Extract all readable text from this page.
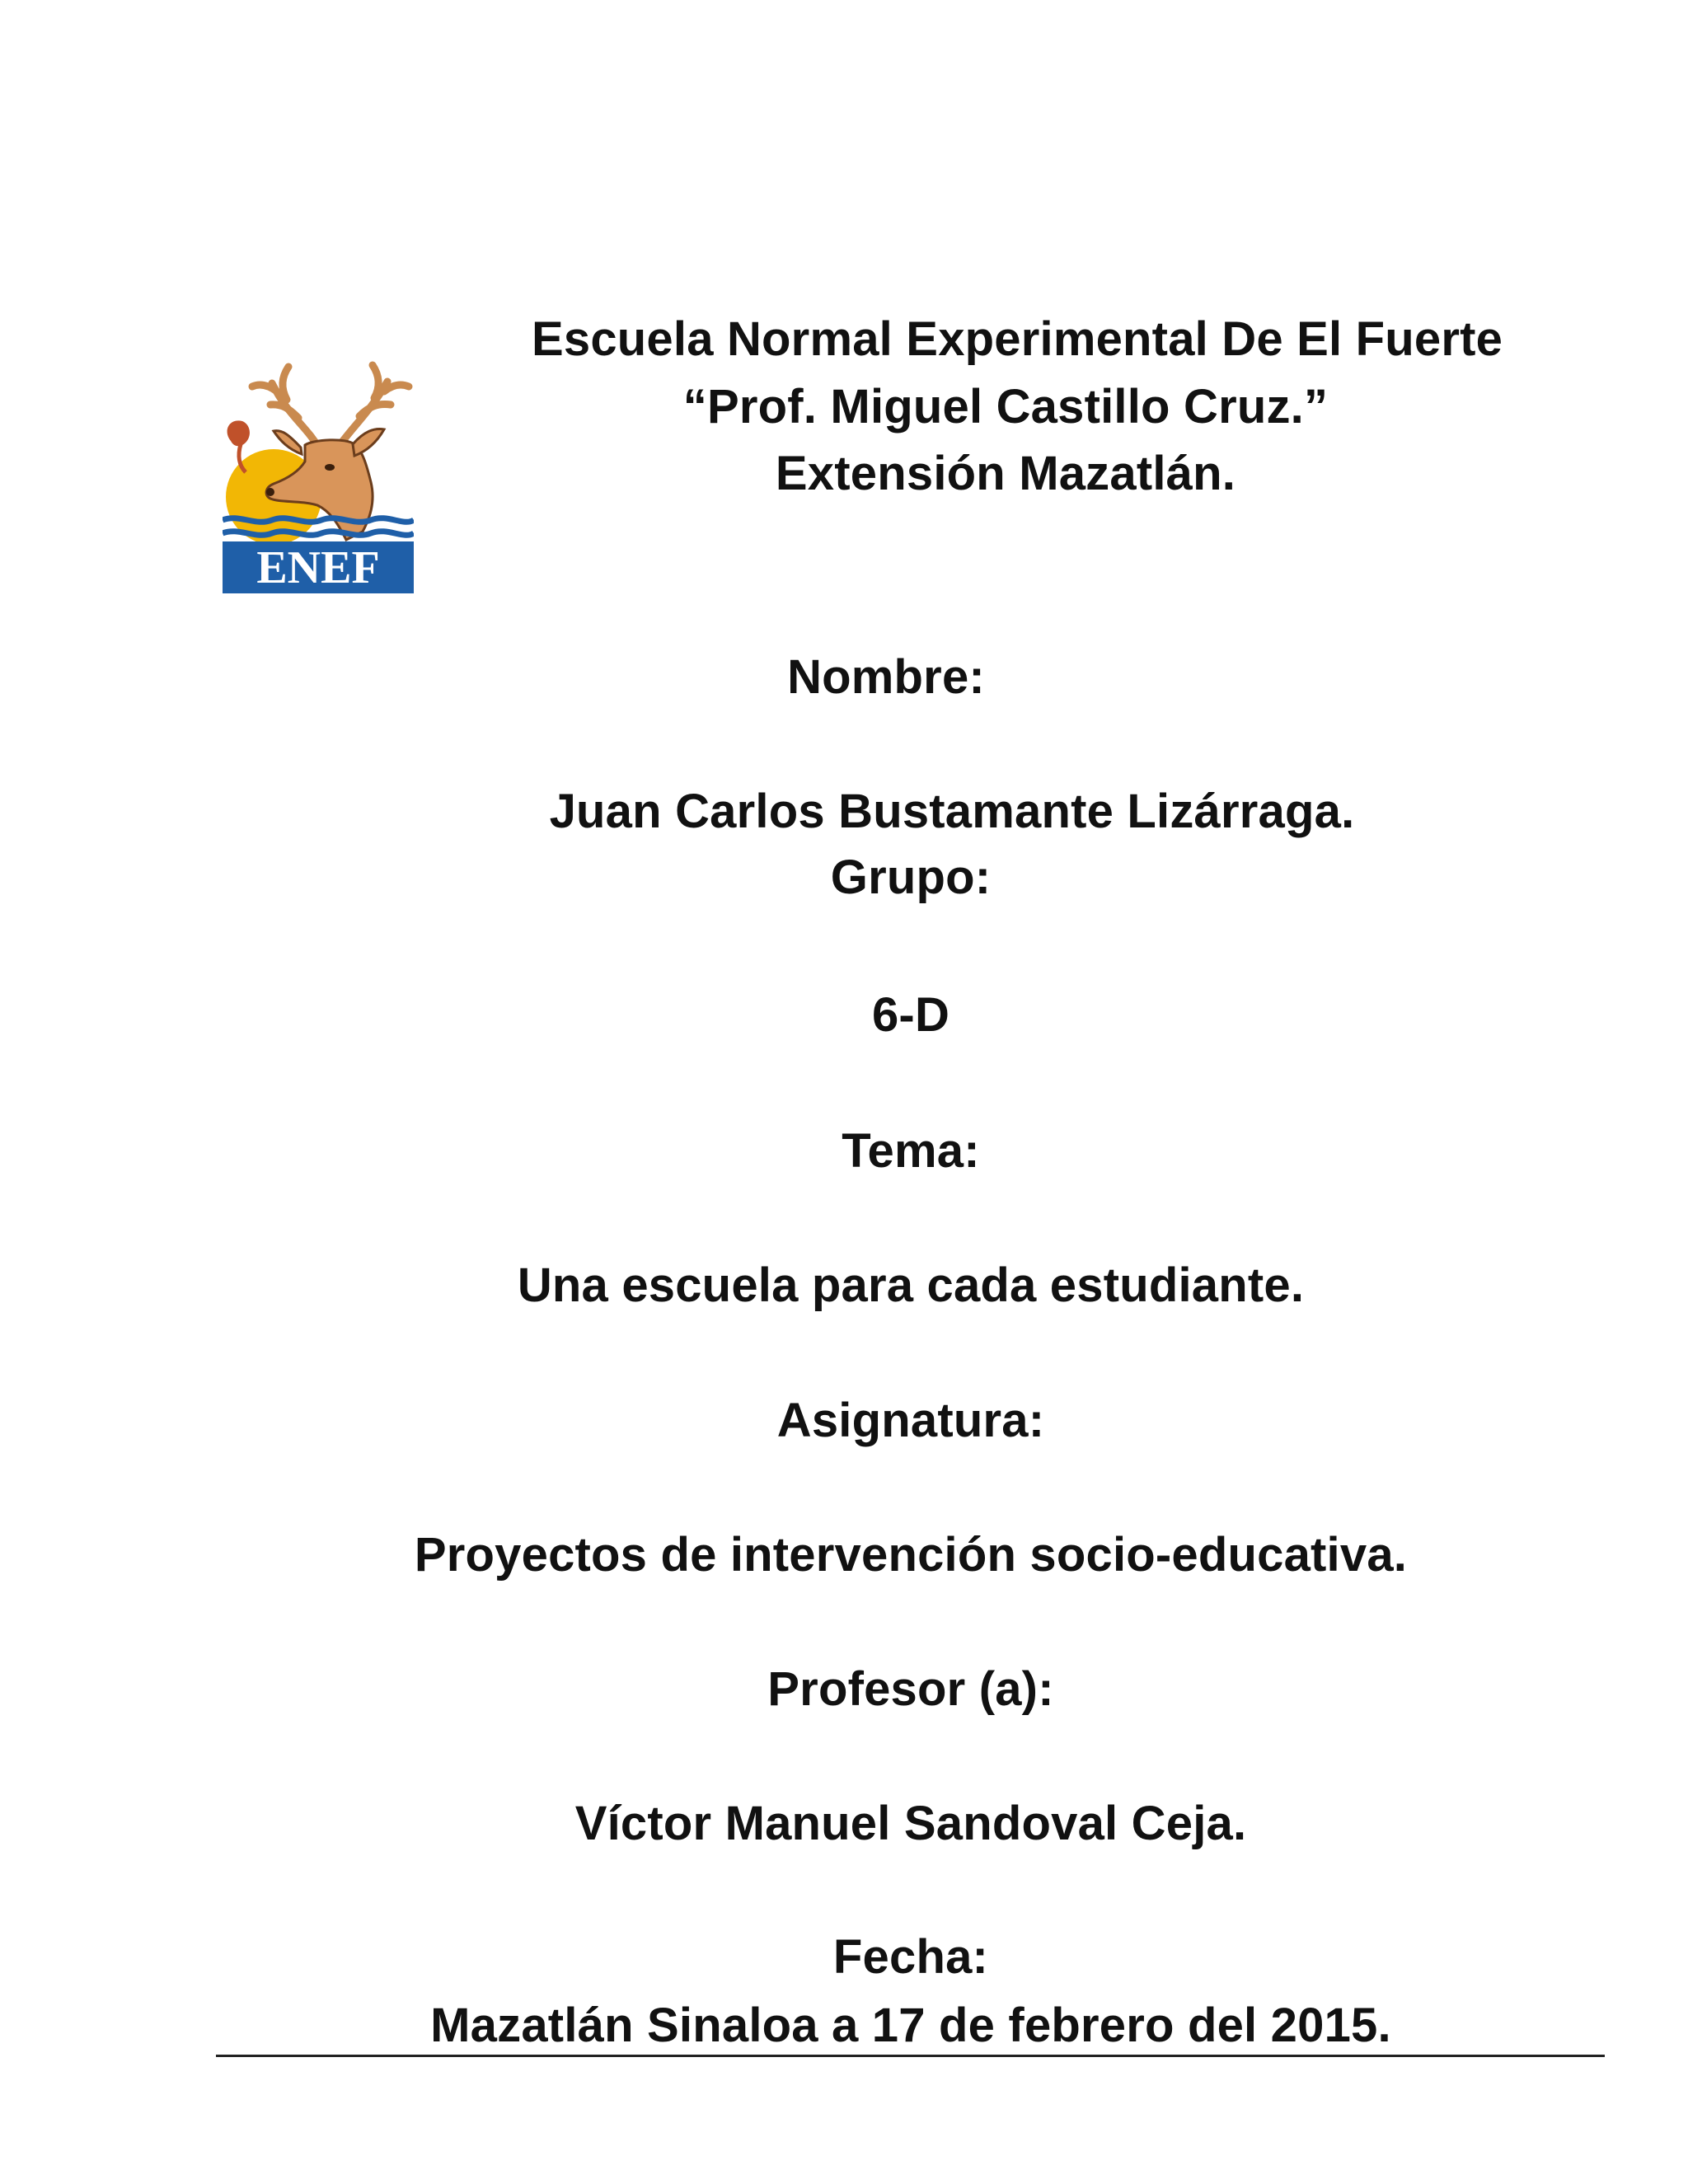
ENEF
Escuela Normal Experimental De El Fuerte
“Prof. Miguel Castillo Cruz.”
Extensión Mazatlán.
Nombre:
Juan Carlos Bustamante Lizárraga.
Grupo:
6-D
Tema:
Una escuela para cada estudiante.
Asignatura:
Proyectos de intervención socio-educativa.
Profesor (a):
Víctor Manuel Sandoval Ceja.
Fecha:
Mazatlán Sinaloa a 17 de febrero del 2015.
